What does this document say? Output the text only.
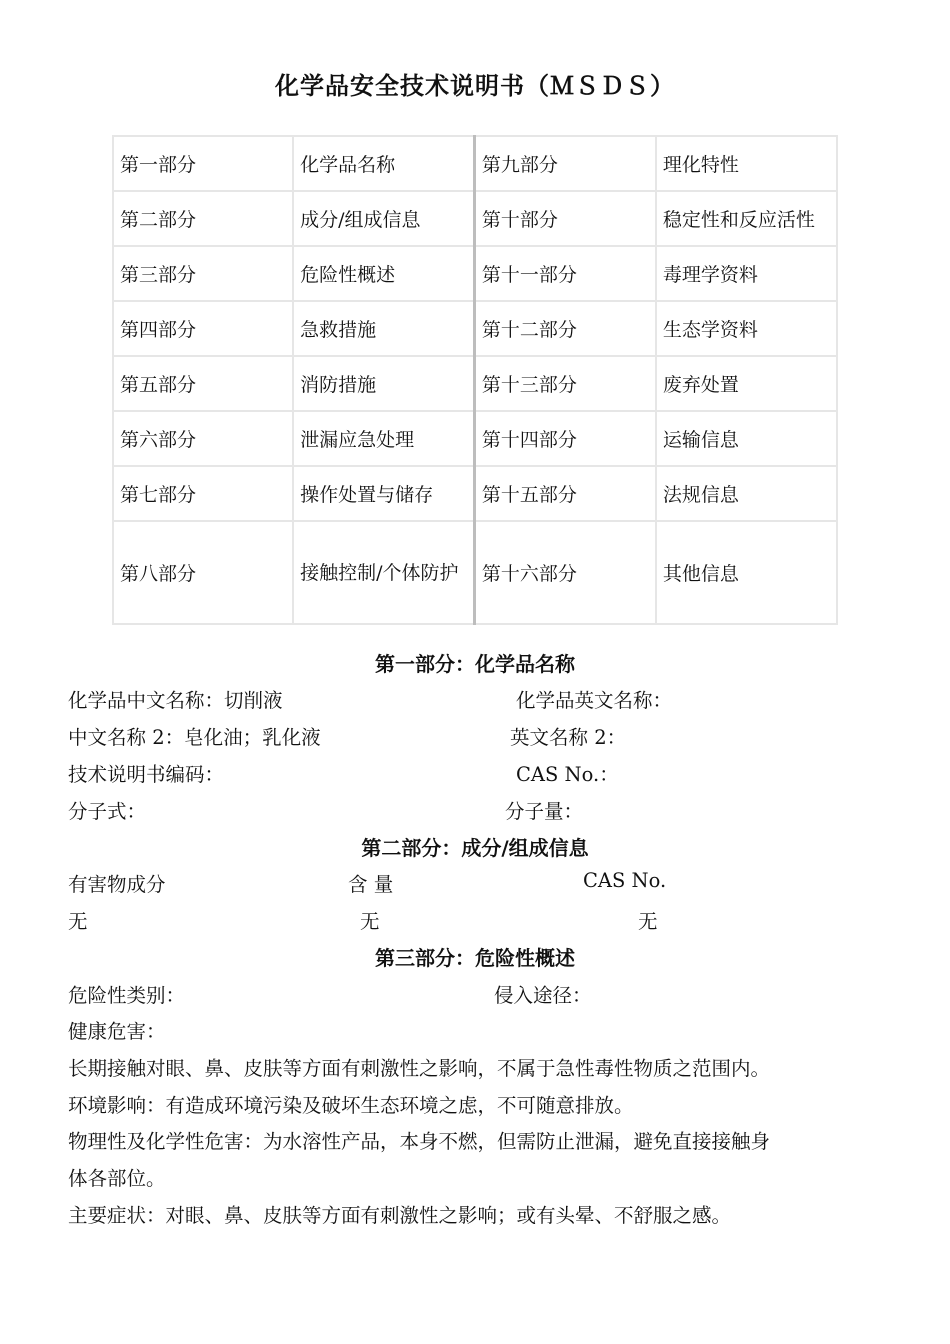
化学品安全技术说明书（ＭＳＤＳ）
第一部分	化学品名称	第九部分	理化特性
第二部分	成分/组成信息	第十部分	稳定性和反应活性
第三部分	危险性概述	第十一部分	毒理学资料
第四部分	急救措施	第十二部分	生态学资料
第五部分	消防措施	第十三部分	废弃处置
第六部分	泄漏应急处理	第十四部分	运输信息
第七部分	操作处置与储存	第十五部分	法规信息
第八部分	接触控制/个体防护	第十六部分	其他信息
第一部分：化学品名称
化学品中文名称：切削液	化学品英文名称：
中文名称 2：皂化油；乳化液	英文名称 2：
技术说明书编码：	CAS No.：
分子式：	分子量：
第二部分：成分/组成信息
有害物成分	含 量	CAS No.
无	无	无
第三部分：危险性概述
危险性类别：	侵入途径：
健康危害：
长期接触对眼、鼻、皮肤等方面有刺激性之影响，不属于急性毒性物质之范围内。
环境影响：有造成环境污染及破坏生态环境之虑，不可随意排放。
物理性及化学性危害：为水溶性产品，本身不燃，但需防止泄漏，避免直接接触身
体各部位。
主要症状：对眼、鼻、皮肤等方面有刺激性之影响；或有头晕、不舒服之感。
